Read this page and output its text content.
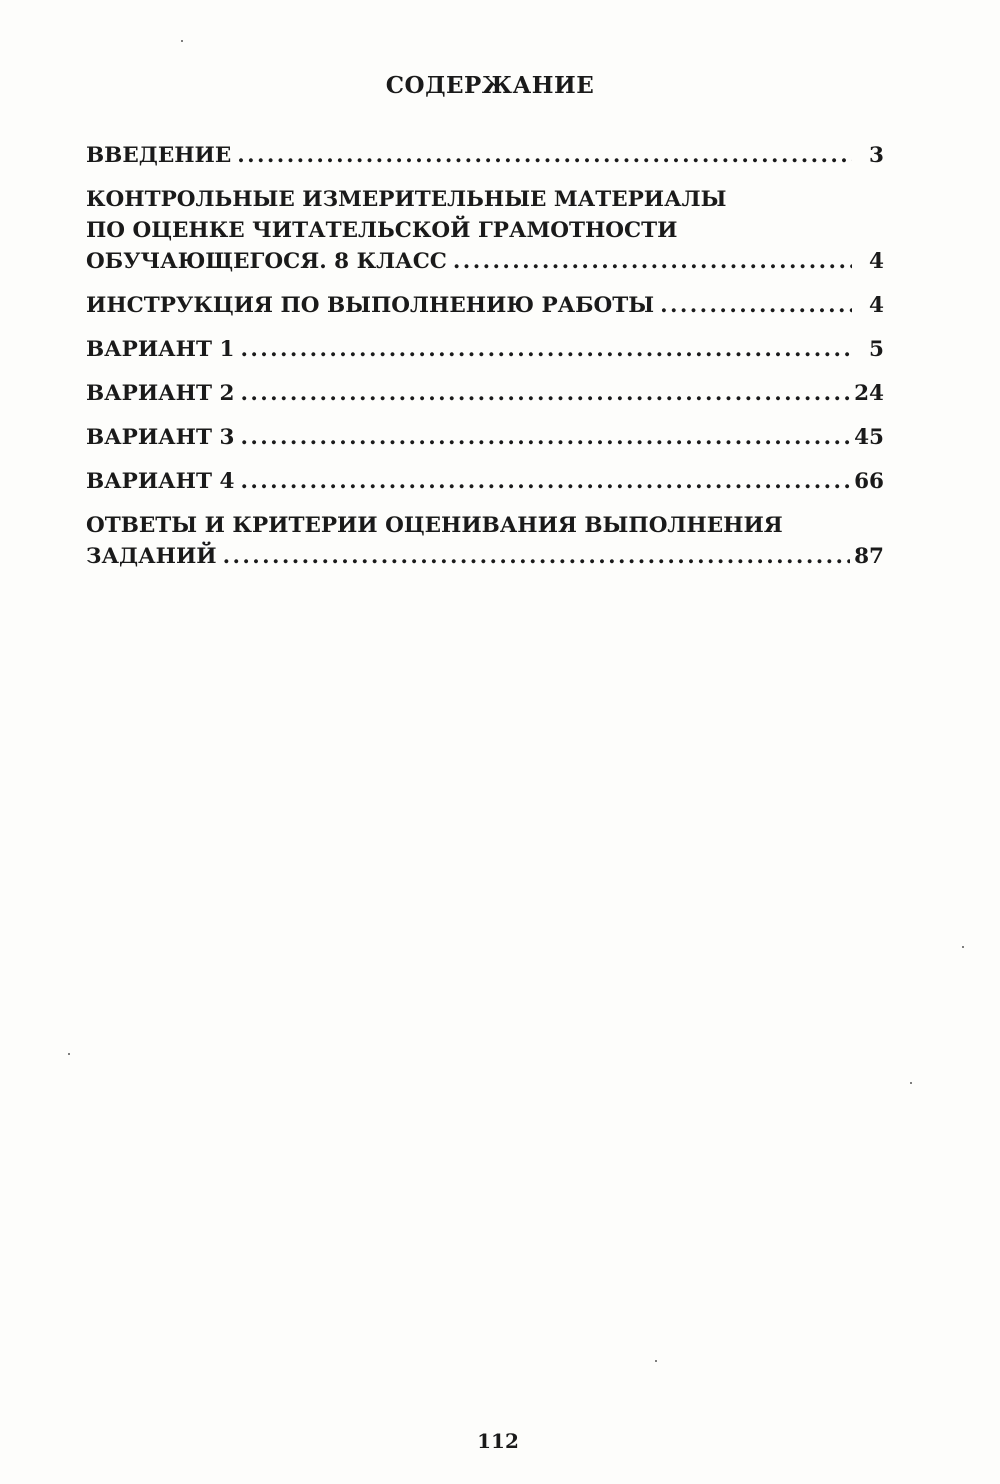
СОДЕРЖАНИЕ
ВВЕДЕНИЕ .....	3
КОНТРОЛЬНЫЕ ИЗМЕРИТЕЛЬНЫЕ МАТЕРИАЛЫ
ПО ОЦЕНКЕ ЧИТАТЕЛЬСКОЙ ГРАМОТНОСТИ
ОБУЧАЮЩЕГОСЯ. 8 КЛАСС .....	4
ИНСТРУКЦИЯ ПО ВЫПОЛНЕНИЮ РАБОТЫ .....	4
ВАРИАНТ 1 .....	5
ВАРИАНТ 2 .....	24
ВАРИАНТ 3 .....	45
ВАРИАНТ 4 .....	66
ОТВЕТЫ И КРИТЕРИИ ОЦЕНИВАНИЯ ВЫПОЛНЕНИЯ
ЗАДАНИЙ .....	87
112
